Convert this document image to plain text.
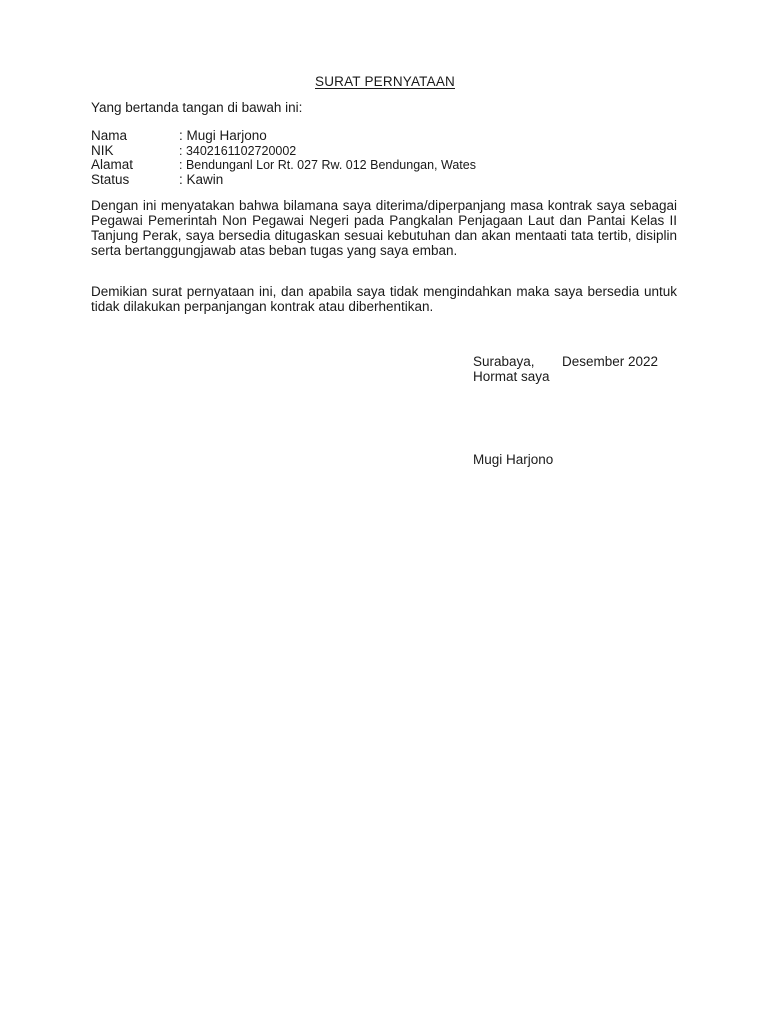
SURAT PERNYATAAN
Yang bertanda tangan di bawah ini:
Nama	: Mugi Harjono
NIK	: 3402161102720002
Alamat	: Bendunganl Lor Rt. 027 Rw. 012 Bendungan, Wates
Status	: Kawin
Dengan ini menyatakan bahwa bilamana saya diterima/diperpanjang masa kontrak saya sebagai Pegawai Pemerintah Non Pegawai Negeri pada Pangkalan Penjagaan Laut dan Pantai Kelas II Tanjung Perak, saya bersedia ditugaskan sesuai kebutuhan dan akan mentaati tata tertib, disiplin serta bertanggungjawab atas beban tugas yang saya emban.
Demikian surat pernyataan ini, dan apabila saya tidak mengindahkan maka saya bersedia untuk tidak dilakukan perpanjangan kontrak atau diberhentikan.
Surabaya, Desember 2022
Hormat saya
Mugi Harjono
